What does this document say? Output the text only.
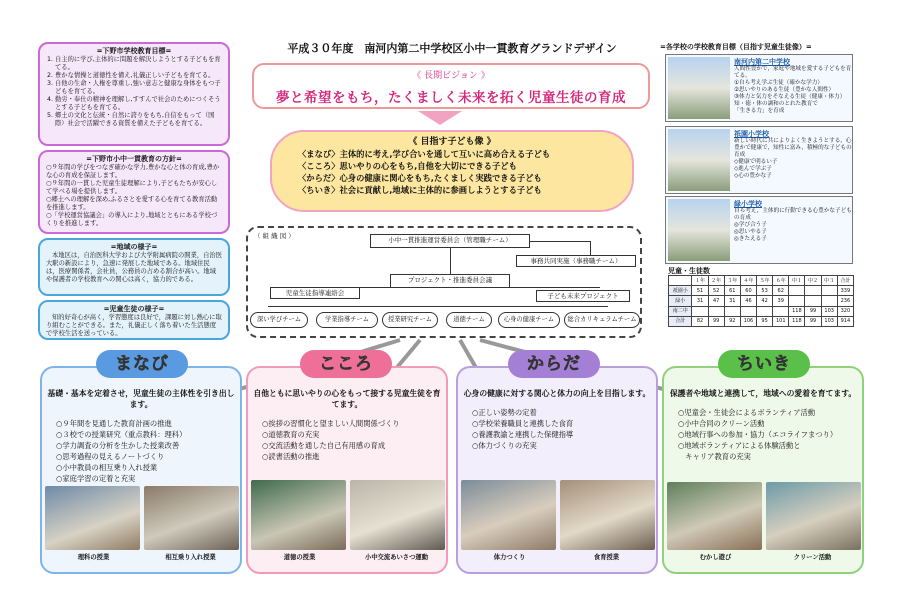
=下野市学校教育目標=
1. 自主的に学び,主体的に問題を解決しようとする子どもを育てる。
2. 豊かな情操と道徳性を備え,礼儀正しい子どもを育てる。
3. 自他の生命・人権を尊重し,強い意志と健康な身体をもつ子どもを育てる。
4. 勤労・奉仕の精神を理解し,すすんで社会のためにつくそうとする子どもを育てる。
5. 郷土の文化と伝統・自然に誇りをもち,自信をもって（国際）社会で活躍できる資質を備えた子どもを育てる。
=下野市小中一貫教育の方針=
○９年間の学びをつなぎ確かな学力,豊かな心と体の育成,豊かな心の育成を保証します。
○９年間の一貫した児童生徒理解により,子どもたちが安心して学べる場を提供します。
○郷土への理解を深め,ふるさとを愛する心を育てる教育活動を推進します。
○「学校運営協議会」の導入により,地域とともにある学校づくりを推進します。
=地域の様子=

本地区は，自治医科大学および大学附属病院の開業，自治医大駅の新設により，急速に発展した地域である。地域住民は，医療関係者，会社員，公務員の占める割合が高い。地域や保護者の学校教育への関心は高く，協力的である。

=児童生徒の様子=

知的好奇心が高く，学習態度は良好で，課題に対し熱心に取り組むことができる。また，礼儀正しく落ち着いた生活態度で学校生活を送っている。

平成３０年度　南河内第二中学校区小中一貫教育グランドデザイン
《 長期ビジョン 》
夢と希望をもち，たくましく未来を拓く児童生徒の育成
《 目指す子ども像 》
〈まなび〉主体的に考え,学び合いを通して互いに高め合える子ども
〈こころ〉思いやりの心をもち,自他を大切にできる子ども
〈からだ〉心身の健康に関心をもち,たくましく実践できる子ども
〈ちいき〉社会に貢献し,地域に主体的に参画しようとする子ども
（ 組 織 図 ）	小中一貫推進運営委員会（管理職チーム）
事務共同実施（事務職チーム）
プロジェクト・推進委員会議
児童生徒指導連絡会	子ども未来プロジェクト
深い学びチーム	学業指導チーム	授業研究チーム	道徳チーム	心身の健康チーム	総合カリキュラムチーム
=各学校の学校教育目標（目指す児童生徒像）=
南河内第二中学校
人間性豊かで，家庭や地域を愛する子どもを育てる。
①自ら考え学ぶ生徒（確かな学力）
②思いやりのある生徒（豊かな人間性）
③体力と気力をそなえる生徒（健康・体力）
知・徳・体の調和のとれた教育で
「生きる力」を育成
祇園小学校
新しい時代に共によりよく生きようとする，心豊かで健康で，知性に富み，積極的な子どもの育成
◇健康で明るい子
◇進んで学ぶ子
◇心の豊かな子
緑小学校
自ら考え，主体的に行動できる心豊かな子どもの育成
◎学び合う子
◎思いやる子
◎きたえる子
児童・生徒数
	１年	２年	３年	４年	５年	６年	中１	中２	中３	合計
祇園小	51	52	61	60	53	62				339
緑小	31	47	31	46	42	39				236
南二中							118	99	103	320
合計	82	99	92	106	95	101	118	99	103	914
基礎・基本を定着させ，児童生徒の主体性を引き出します。
○９年間を見通した教育計画の推進
○３校での授業研究（重点教科：理科）
○学力調査の分析を生かした授業改善
○思考過程の見えるノートづくり
○小中教員の相互乗り入れ授業
○家庭学習の定着と充実
理科の授業	相互乗り入れ授業
自他ともに思いやりの心をもって接する児童生徒を育てます。
○挨拶の習慣化と望ましい人間関係づくり
○道徳教育の充実
○交流活動を通した自己有用感の育成
○読書活動の推進
道徳の授業	小中交流あいさつ運動
心身の健康に対する関心と体力の向上を目指します。
○正しい姿勢の定着
○学校栄養職員と連携した食育
○養護教諭と連携した保健指導
○体力づくりの充実
体力つくり	食育授業
保護者や地域と連携して，地域への愛着を育てます。
○児童会・生徒会によるボランティア活動
○小中合同のクリーン活動
○地域行事への参加・協力（エコライフまつり）
○地域ボランティアによる体験活動と
　キャリア教育の充実
むかし遊び	クリーン活動
まなび	こころ	からだ	ちいき
